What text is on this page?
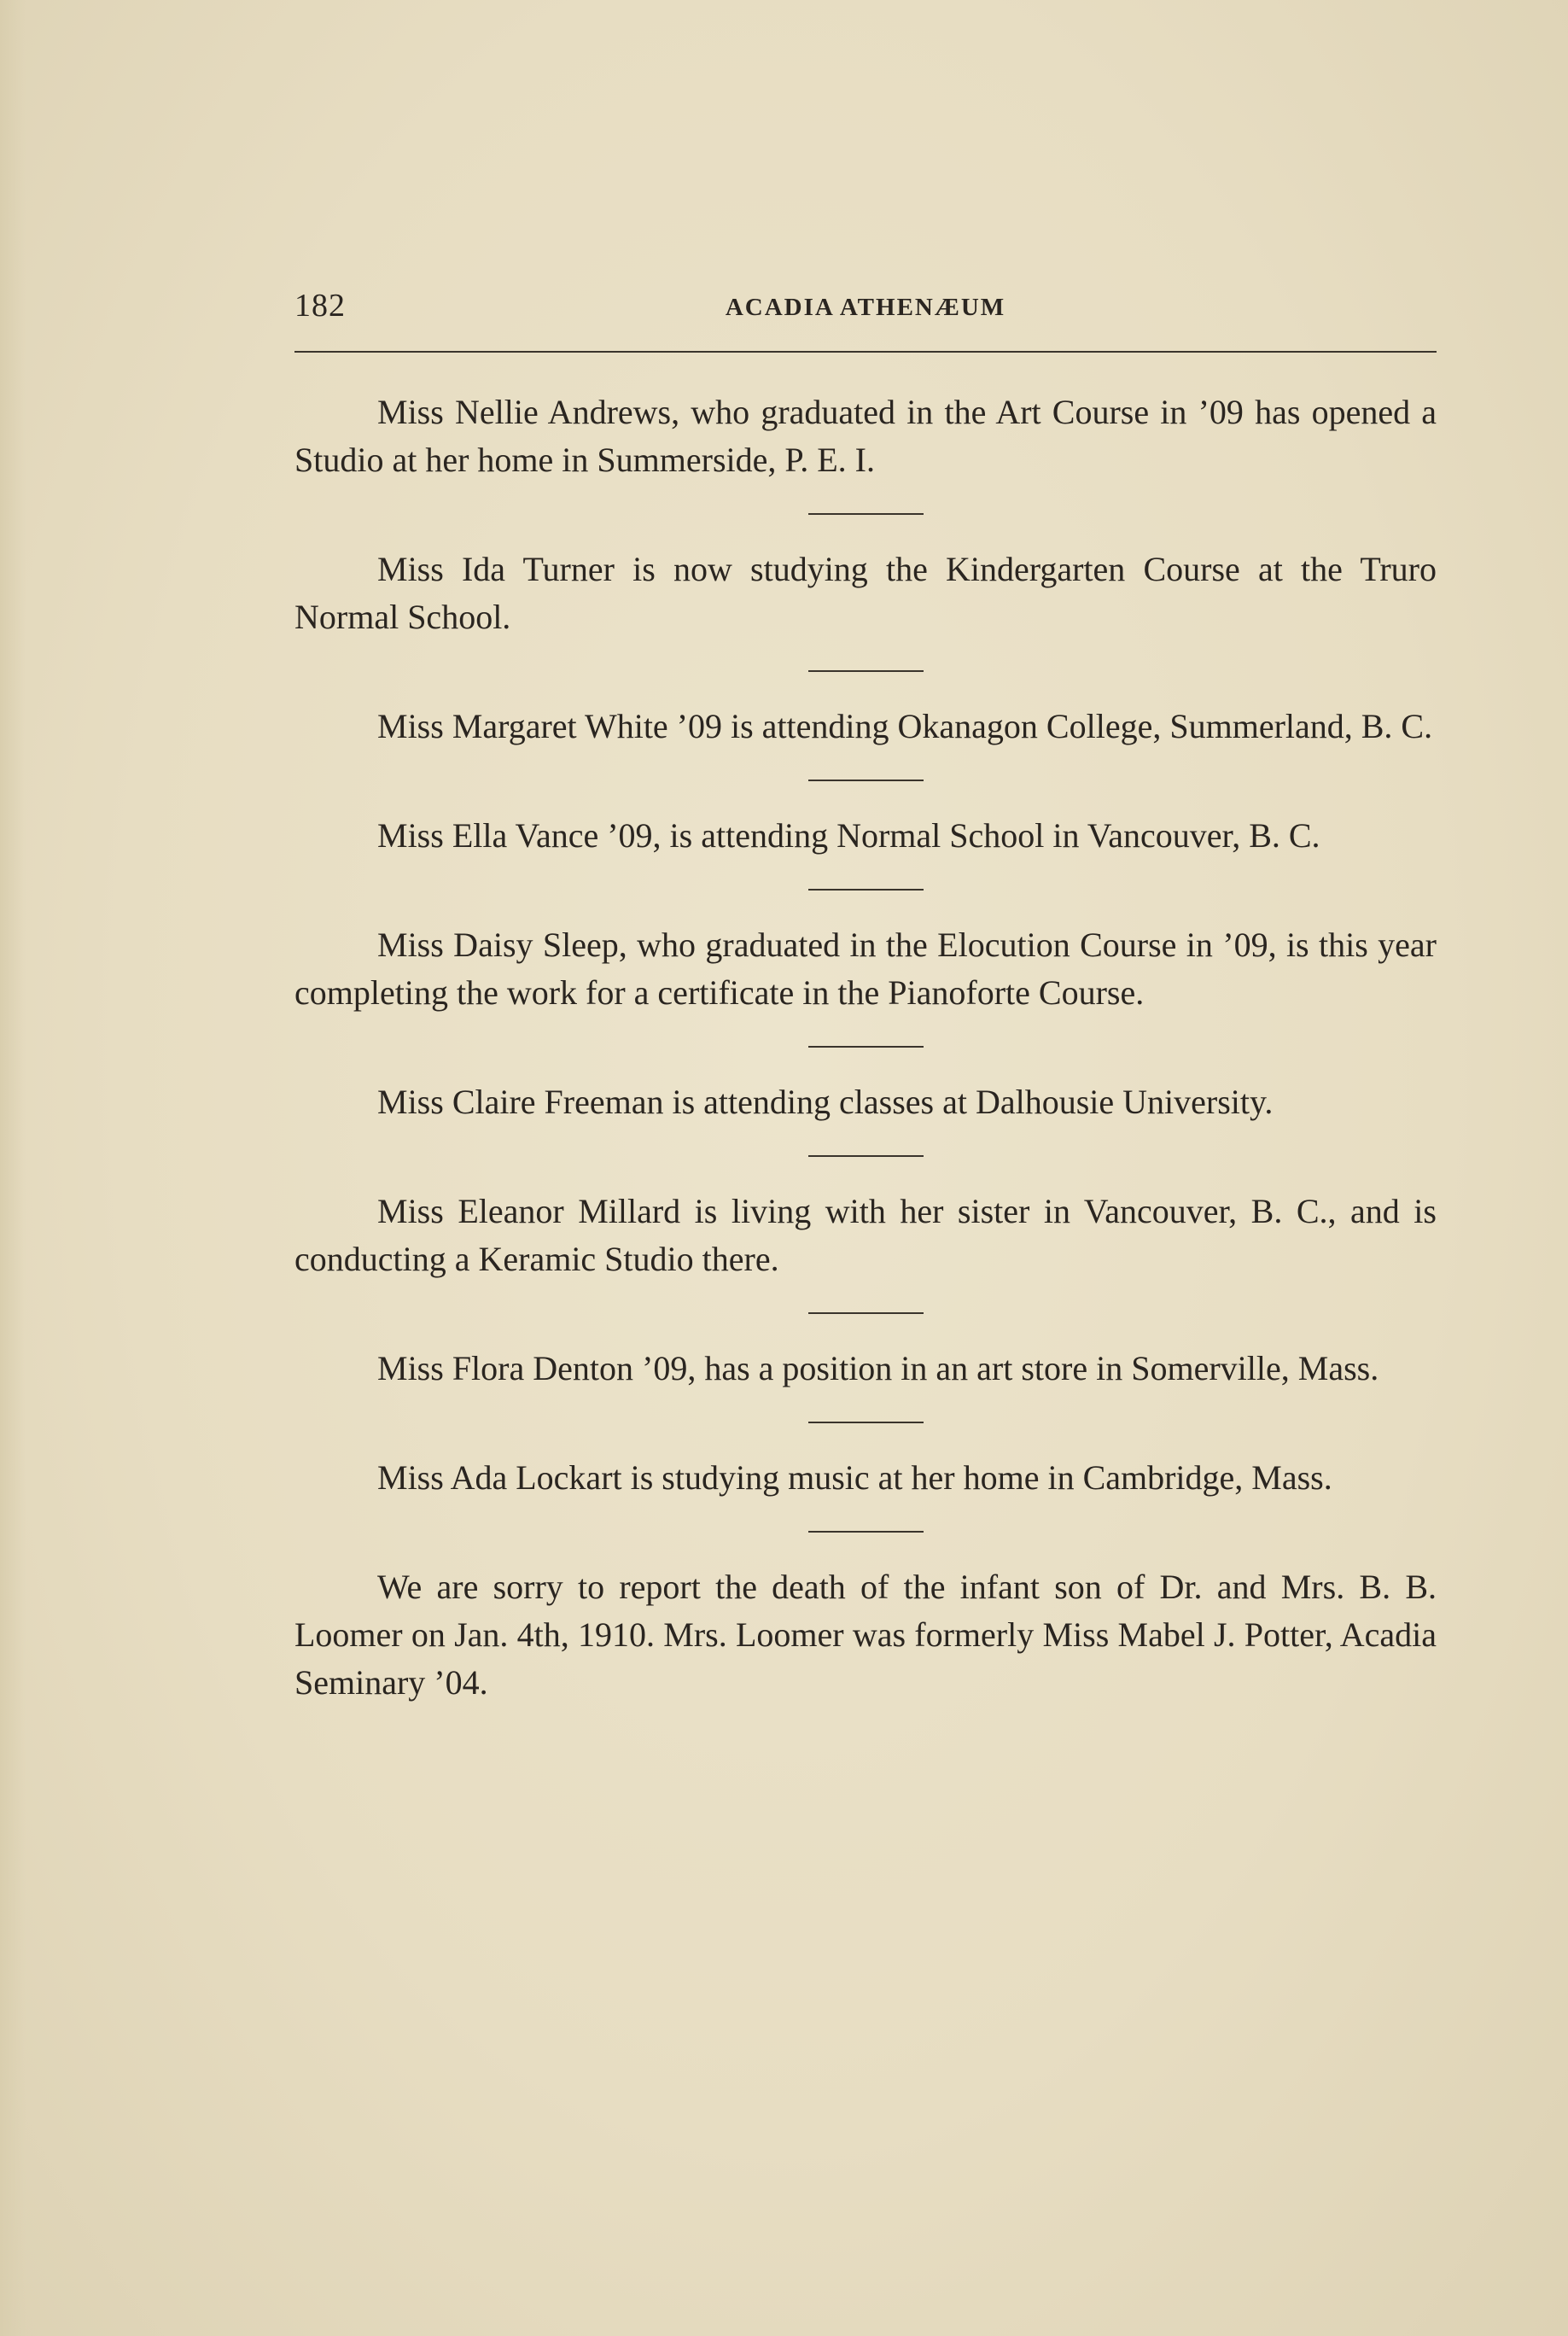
182	ACADIA ATHENÆUM

Miss Nellie Andrews, who graduated in the Art Course in ’09 has opened a Studio at her home in Summerside, P. E. I.

Miss Ida Turner is now studying the Kindergarten Course at the Truro Normal School.

Miss Margaret White ’09 is attending Okanagon College, Summerland, B. C.

Miss Ella Vance ’09, is attending Normal School in Vancouver, B. C.

Miss Daisy Sleep, who graduated in the Elocution Course in ’09, is this year completing the work for a certificate in the Pianoforte Course.

Miss Claire Freeman is attending classes at Dalhousie University.

Miss Eleanor Millard is living with her sister in Vancouver, B. C., and is conducting a Keramic Studio there.

Miss Flora Denton ’09, has a position in an art store in Somerville, Mass.

Miss Ada Lockart is studying music at her home in Cambridge, Mass.

We are sorry to report the death of the infant son of Dr. and Mrs. B. B. Loomer on Jan. 4th, 1910. Mrs. Loomer was formerly Miss Mabel J. Potter, Acadia Seminary ’04.
